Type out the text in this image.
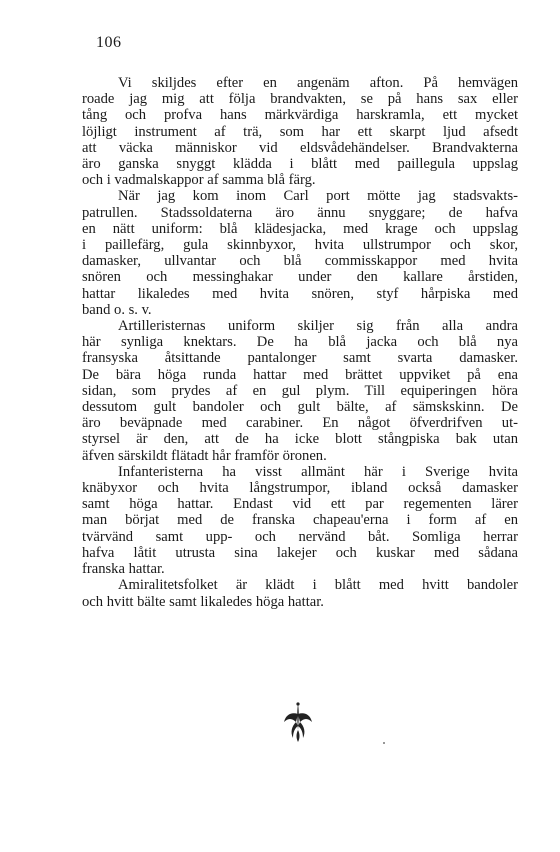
106
Vi skiljdes efter en angenäm afton. På hemvägen
roade jag mig att följa brandvakten, se på hans sax eller
tång och profva hans märkvärdiga harskramla, ett mycket
löjligt instrument af trä, som har ett skarpt ljud afsedt
att väcka människor vid eldsvådehändelser. Brandvakterna
äro ganska snyggt klädda i blått med paillegula uppslag
och i vadmalskappor af samma blå färg.
När jag kom inom Carl port mötte jag stadsvakts-
patrullen. Stadssoldaterna äro ännu snyggare; de hafva
en nätt uniform: blå klädesjacka, med krage och uppslag
i paillefärg, gula skinnbyxor, hvita ullstrumpor och skor,
damasker, ullvantar och blå commisskappor med hvita
snören och messinghakar under den kallare årstiden,
hattar likaledes med hvita snören, styf hårpiska med
band o. s. v.
Artilleristernas uniform skiljer sig från alla andra
här synliga knektars. De ha blå jacka och blå nya
fransyska åtsittande pantalonger samt svarta damasker.
De bära höga runda hattar med brättet uppviket på ena
sidan, som prydes af en gul plym. Till equiperingen höra
dessutom gult bandoler och gult bälte, af sämskskinn. De
äro beväpnade med carabiner. En något öfverdrifven ut-
styrsel är den, att de ha icke blott stångpiska bak utan
äfven särskildt flätadt hår framför öronen.
Infanteristerna ha visst allmänt här i Sverige hvita
knäbyxor och hvita långstrumpor, ibland också damasker
samt höga hattar. Endast vid ett par regementen lärer
man börjat med de franska chapeau'erna i form af en
tvärvänd samt upp- och nervänd båt. Somliga herrar
hafva låtit utrusta sina lakejer och kuskar med sådana
franska hattar.
Amiralitetsfolket är klädt i blått med hvitt bandoler
och hvitt bälte samt likaledes höga hattar.
